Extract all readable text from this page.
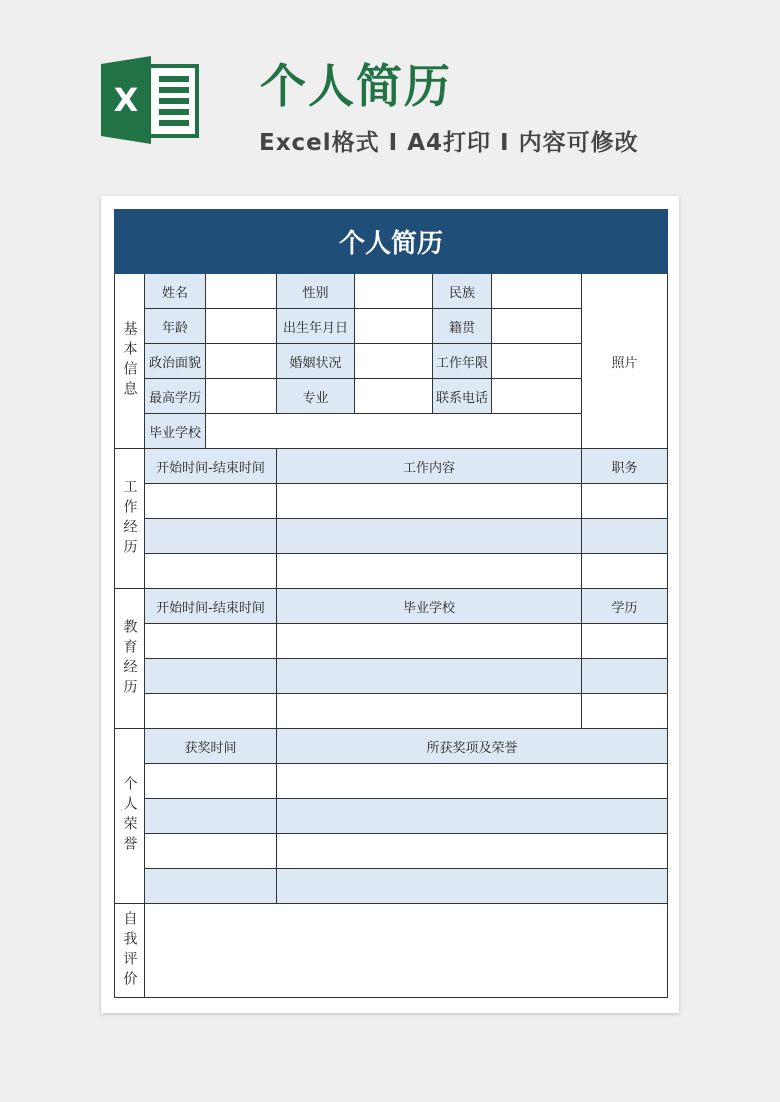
X	个人简历
Excel格式 I A4打印 I 内容可修改
个人简历							
基本信息	姓名		性别		民族		照片
	年龄		出生年月日		籍贯		
	政治面貌		婚姻状况		工作年限		
	最高学历		专业		联系电话		
	毕业学校						
工作经历	开始时间-结束时间		工作内容				职务

教育经历	开始时间-结束时间		毕业学校				学历

个人荣誉	获奖时间		所获奖项及荣誉				

自我评价							
